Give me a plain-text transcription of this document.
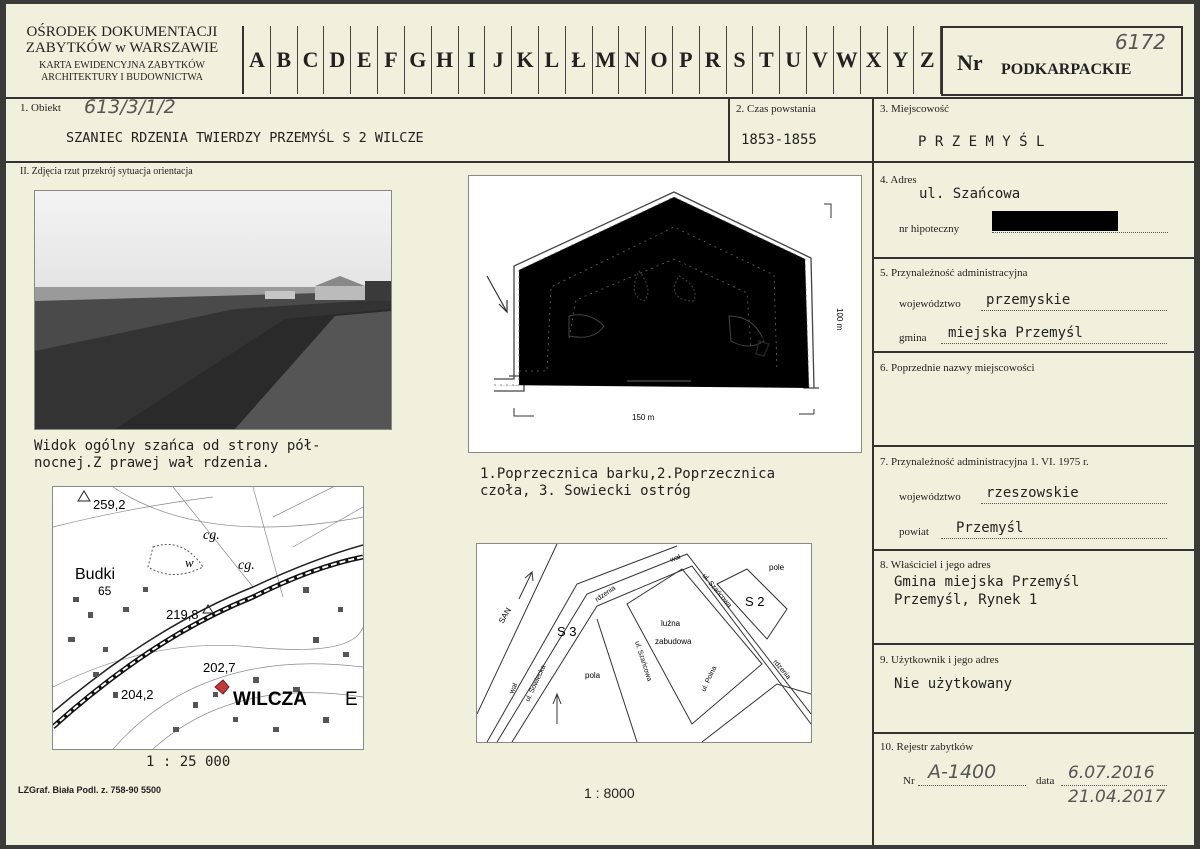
OŚRODEK DOKUMENTACJI
ZABYTKÓW w WARSZAWIE
KARTA EWIDENCYJNA ZABYTKÓW
ARCHITEKTURY I BUDOWNICTWA
A B C D E F G H I J K L Ł M N O P R S T U V W X Y Z Nr PODKARPACKIE
6172
1. Obiekt 613/3/1/2
SZANIEC RDZENIA TWIERDZY PRZEMYŚL S 2 WILCZE
2. Czas powstania
1853-1855
3. Miejscowość
P R Z E M Y Ś L
II. Zdjęcia rzut przekrój sytuacja orientacja
Widok ogólny szańca od strony pół-
nocnej.Z prawej wał rdzenia.
1
2
3
0 10 20 30m
150 m
100 m
1.Poprzecznica barku,2.Poprzecznica
czoła, 3. Sowiecki ostróg
259,2
Budki
65
219,8
202,7
204,2	WILCZA E
cg.
cg.
w
1 : 25 000
S 2
S 3
SAN
pole
pola
luźna
zabudowa
rdzenia
rdzenia
wał
wał
ul. Szańcowa
ul. Szańcowa	ul. Polna
ul. Sowiecka
1 : 8000
LZGraf. Biała Podl. z. 758-90 5500
4. Adres
ul. Szańcowa
nr hipoteczny
5. Przynależność administracyjna
województwo przemyskie
gmina miejska Przemyśl
6. Poprzednie nazwy miejscowości
7. Przynależność administracyjna 1. VI. 1975 r.
województwo rzeszowskie
powiat Przemyśl
8. Właściciel i jego adres
Gmina miejska Przemyśl
Przemyśl, Rynek 1
9. Użytkownik i jego adres
Nie użytkowany
10. Rejestr zabytków
Nr A-1400	data 6.07.2016
21.04.2017
